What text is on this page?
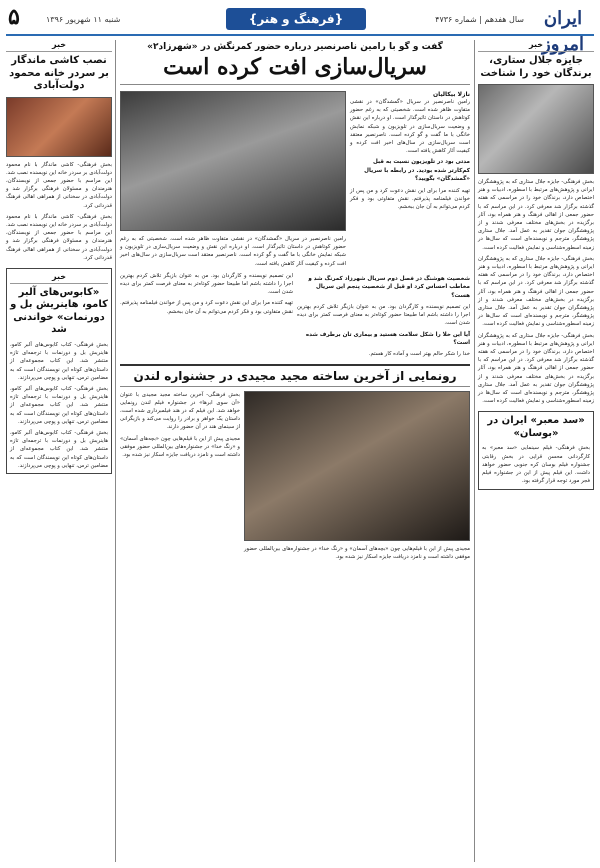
ایران امروز
سال هفدهم | شماره ۴۷۳۶
{فرهنگ و هنر}
شنبه ۱۱ شهریور ۱۳۹۶
۵
خبر
جایزه جلال ستاری، برندگان خود را شناخت
بخش فرهنگی- جایزه جلال ستاری که به پژوهشگران ایرانی و پژوهش‌های مرتبط با اسطوره، ادبیات و هنر اختصاص دارد، برندگان خود را در مراسمی که هفته گذشته برگزار شد معرفی کرد. در این مراسم که با حضور جمعی از اهالی فرهنگ و هنر همراه بود، آثار برگزیده در بخش‌های مختلف معرفی شدند و از پژوهشگران جوان تقدیر به عمل آمد. جلال ستاری پژوهشگر، مترجم و نویسنده‌ای است که سال‌ها در زمینه اسطوره‌شناسی و نمایش فعالیت کرده است.
بخش فرهنگی- جایزه جلال ستاری که به پژوهشگران ایرانی و پژوهش‌های مرتبط با اسطوره، ادبیات و هنر اختصاص دارد، برندگان خود را در مراسمی که هفته گذشته برگزار شد معرفی کرد. در این مراسم که با حضور جمعی از اهالی فرهنگ و هنر همراه بود، آثار برگزیده در بخش‌های مختلف معرفی شدند و از پژوهشگران جوان تقدیر به عمل آمد. جلال ستاری پژوهشگر، مترجم و نویسنده‌ای است که سال‌ها در زمینه اسطوره‌شناسی و نمایش فعالیت کرده است.
بخش فرهنگی- جایزه جلال ستاری که به پژوهشگران ایرانی و پژوهش‌های مرتبط با اسطوره، ادبیات و هنر اختصاص دارد، برندگان خود را در مراسمی که هفته گذشته برگزار شد معرفی کرد. در این مراسم که با حضور جمعی از اهالی فرهنگ و هنر همراه بود، آثار برگزیده در بخش‌های مختلف معرفی شدند و از پژوهشگران جوان تقدیر به عمل آمد. جلال ستاری پژوهشگر، مترجم و نویسنده‌ای است که سال‌ها در زمینه اسطوره‌شناسی و نمایش فعالیت کرده است.
«سد معبر» ایران در «بوسان»
بخش فرهنگی- فیلم سینمایی «سد معبر» به کارگردانی محسن قرایی در بخش رقابتی جشنواره فیلم بوسان کره جنوبی حضور خواهد داشت. این فیلم پیش از این در جشنواره فیلم فجر مورد توجه قرار گرفته بود.
خبر
نصب کاشی ماندگار بر سردر خانه محمود دولت‌آبادی
بخش فرهنگی- کاشی ماندگار با نام محمود دولت‌آبادی بر سردر خانه این نویسنده نصب شد. این مراسم با حضور جمعی از نویسندگان، هنرمندان و مسئولان فرهنگی برگزار شد و دولت‌آبادی در سخنانی از همراهی اهالی فرهنگ قدردانی کرد.
بخش فرهنگی- کاشی ماندگار با نام محمود دولت‌آبادی بر سردر خانه این نویسنده نصب شد. این مراسم با حضور جمعی از نویسندگان، هنرمندان و مسئولان فرهنگی برگزار شد و دولت‌آبادی در سخنانی از همراهی اهالی فرهنگ قدردانی کرد.
خبر
«کابوس‌های آلبر کامو، هاینریش بل و دورنمات» خواندنی شد
بخش فرهنگی- کتاب کابوس‌های آلبر کامو، هاینریش بل و دورنمات با ترجمه‌ای تازه منتشر شد. این کتاب مجموعه‌ای از داستان‌های کوتاه این نویسندگان است که به مضامین ترس، تنهایی و پوچی می‌پردازند.
بخش فرهنگی- کتاب کابوس‌های آلبر کامو، هاینریش بل و دورنمات با ترجمه‌ای تازه منتشر شد. این کتاب مجموعه‌ای از داستان‌های کوتاه این نویسندگان است که به مضامین ترس، تنهایی و پوچی می‌پردازند.
بخش فرهنگی- کتاب کابوس‌های آلبر کامو، هاینریش بل و دورنمات با ترجمه‌ای تازه منتشر شد. این کتاب مجموعه‌ای از داستان‌های کوتاه این نویسندگان است که به مضامین ترس، تنهایی و پوچی می‌پردازند.
گفت و گو با رامین ناصرنصیر درباره حضور کمرنگش در «شهرزاد۲»
سریال‌سازی افت کرده است
نازلا بیکالیان
رامین ناصرنصیر در سریال «گمشدگان» در نقشی متفاوت ظاهر شده است. شخصیتی که به رغم حضور کوتاهش در داستان تاثیرگذار است. او درباره این نقش و وضعیت سریال‌سازی در تلویزیون و شبکه نمایش خانگی با ما گفت و گو کرده است. ناصرنصیر معتقد است سریال‌سازی در سال‌های اخیر افت کرده و کیفیت آثار کاهش یافته است.
مدتی بود در تلویزیون نسبت به قبل کم‌کارتر شده بودید. در رابطه با سریال «گمشدگان» بگویید؟
تهیه کننده مرا برای این نقش دعوت کرد و من پس از خواندن فیلمنامه پذیرفتم. نقش متفاوتی بود و فکر کردم می‌توانم به آن جان ببخشم.
رامین ناصرنصیر در سریال «گمشدگان» در نقشی متفاوت ظاهر شده است. شخصیتی که به رغم حضور کوتاهش در داستان تاثیرگذار است. او درباره این نقش و وضعیت سریال‌سازی در تلویزیون و شبکه نمایش خانگی با ما گفت و گو کرده است. ناصرنصیر معتقد است سریال‌سازی در سال‌های اخیر افت کرده و کیفیت آثار کاهش یافته است.
شخصیت هوشنگ در فصل دوم سریال شهرزاد کمرنگ شد و مخاطب احساس کرد او قبل از شخصیت پنجم این سریال هست؟
این تصمیم نویسنده و کارگردان بود. من به عنوان بازیگر تلاش کردم بهترین اجرا را داشته باشم اما طبیعتا حضور کوتاه‌تر به معنای فرصت کمتر برای دیده شدن است.
آیا این خلا را شکل سلامت هستید و بیماری تان برطرف شده است؟
خدا را شکر حالم بهتر است و آماده کار هستم.
این تصمیم نویسنده و کارگردان بود. من به عنوان بازیگر تلاش کردم بهترین اجرا را داشته باشم اما طبیعتا حضور کوتاه‌تر به معنای فرصت کمتر برای دیده شدن است.
تهیه کننده مرا برای این نقش دعوت کرد و من پس از خواندن فیلمنامه پذیرفتم. نقش متفاوتی بود و فکر کردم می‌توانم به آن جان ببخشم.
رونمایی از آخرین ساخته مجید مجیدی در جشنواره لندن
مجیدی پیش از این با فیلم‌هایی چون «بچه‌های آسمان» و «رنگ خدا» در جشنواره‌های بین‌المللی حضور موفقی داشته است و نامزد دریافت جایزه اسکار نیز شده بود.
بخش فرهنگی- آخرین ساخته مجید مجیدی با عنوان «آن سوی ابرها» در جشنواره فیلم لندن رونمایی خواهد شد. این فیلم که در هند فیلمبرداری شده است، داستان یک خواهر و برادر را روایت می‌کند و بازیگرانی از سینمای هند در آن حضور دارند.
مجیدی پیش از این با فیلم‌هایی چون «بچه‌های آسمان» و «رنگ خدا» در جشنواره‌های بین‌المللی حضور موفقی داشته است و نامزد دریافت جایزه اسکار نیز شده بود.
